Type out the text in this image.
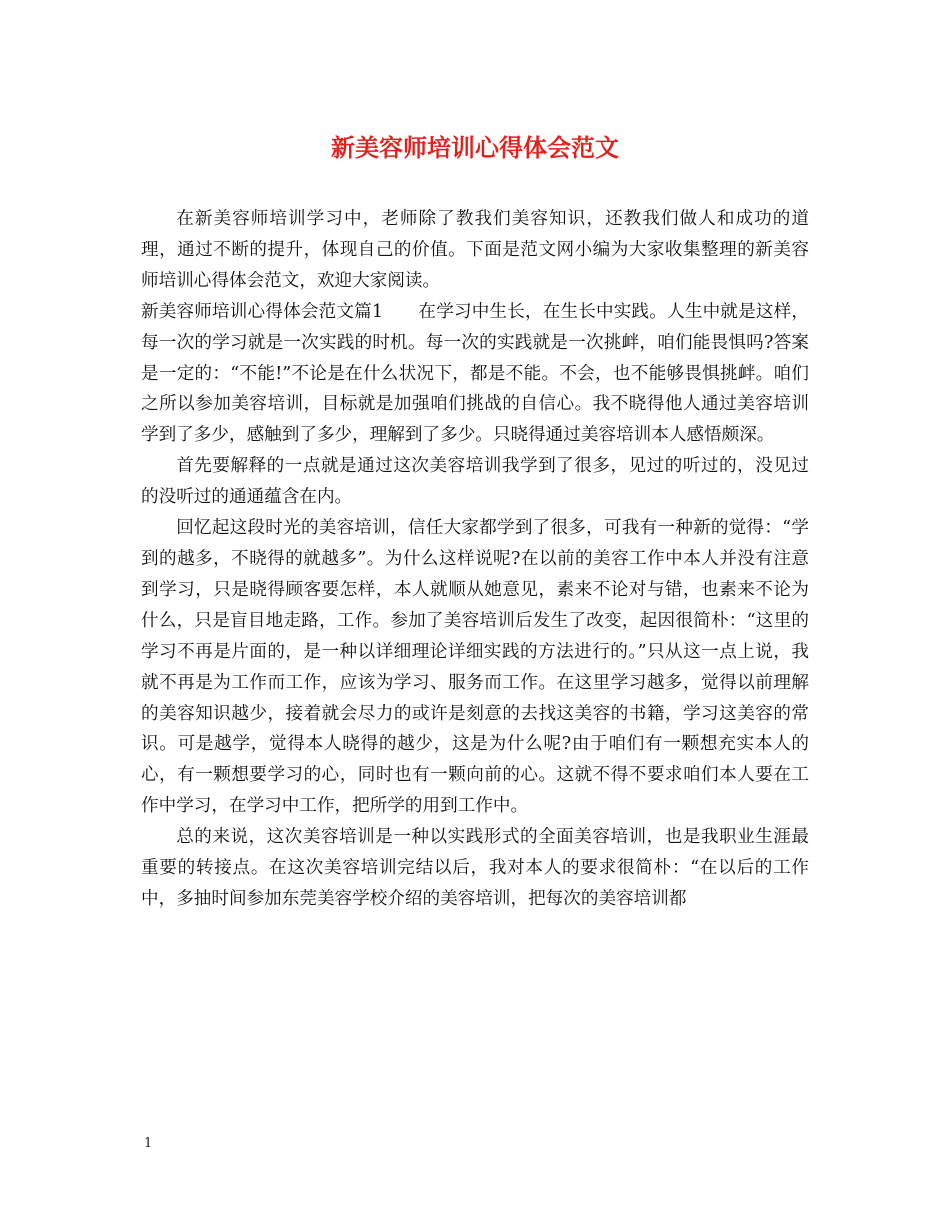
新美容师培训心得体会范文

在新美容师培训学习中，老师除了教我们美容知识，还教我们做人和成功的道理，通过不断的提升，体现自己的价值。下面是范文网小编为大家收集整理的新美容师培训心得体会范文，欢迎大家阅读。

新美容师培训心得体会范文篇1 在学习中生长，在生长中实践。人生中就是这样，每一次的学习就是一次实践的时机。每一次的实践就是一次挑衅，咱们能畏惧吗?答案是一定的：“不能!”不论是在什么状况下，都是不能。不会，也不能够畏惧挑衅。咱们之所以参加美容培训，目标就是加强咱们挑战的自信心。我不晓得他人通过美容培训学到了多少，感触到了多少，理解到了多少。只晓得通过美容培训本人感悟颇深。

首先要解释的一点就是通过这次美容培训我学到了很多，见过的听过的，没见过的没听过的通通蕴含在内。

回忆起这段时光的美容培训，信任大家都学到了很多，可我有一种新的觉得：“学到的越多，不晓得的就越多”。为什么这样说呢?在以前的美容工作中本人并没有注意到学习，只是晓得顾客要怎样，本人就顺从她意见，素来不论对与错，也素来不论为什么，只是盲目地走路，工作。参加了美容培训后发生了改变，起因很简朴：“这里的学习不再是片面的，是一种以详细理论详细实践的方法进行的。”只从这一点上说，我就不再是为工作而工作，应该为学习、服务而工作。在这里学习越多，觉得以前理解的美容知识越少，接着就会尽力的或许是刻意的去找这美容的书籍，学习这美容的常识。可是越学，觉得本人晓得的越少，这是为什么呢?由于咱们有一颗想充实本人的心，有一颗想要学习的心，同时也有一颗向前的心。这就不得不要求咱们本人要在工作中学习，在学习中工作，把所学的用到工作中。

总的来说，这次美容培训是一种以实践形式的全面美容培训，也是我职业生涯最重要的转接点。在这次美容培训完结以后，我对本人的要求很简朴：“在以后的工作中，多抽时间参加东莞美容学校介绍的美容培训，把每次的美容培训都

1
